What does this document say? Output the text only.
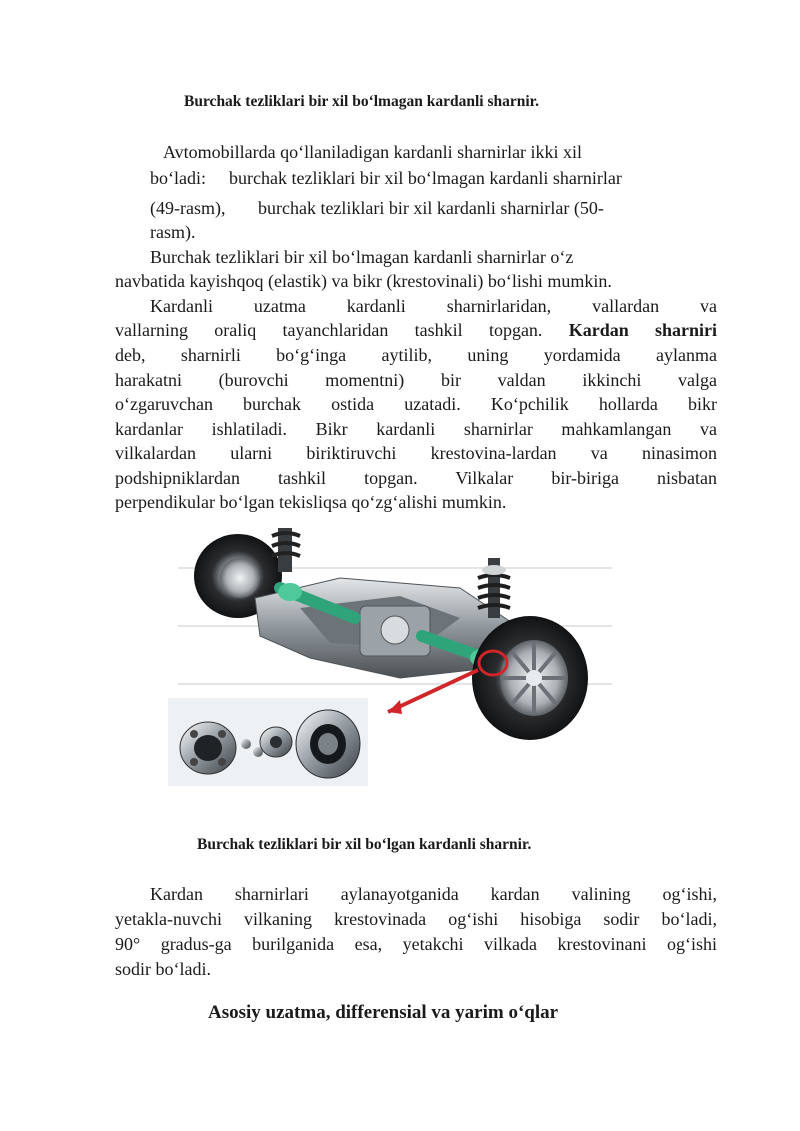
Burchak tezliklari bir xil bo‘lmagan kardanli sharnir.
Avtomobillarda qo‘llaniladigan kardanli sharnirlar ikki xil
bo‘ladi: burchak tezliklari bir xil bo‘lmagan kardanli sharnirlar
(49-rasm), burchak tezliklari bir xil kardanli sharnirlar (50-
rasm).
Burchak tezliklari bir xil bo‘lmagan kardanli sharnirlar o‘z
navbatida kayishqoq (elastik) va bikr (krestovinali) bo‘lishi mumkin.
Kardanli uzatma kardanli sharnirlaridan, vallardan va
vallarning oraliq tayanchlaridan tashkil topgan. Kardan sharniri
deb, sharnirli bo‘g‘inga aytilib, uning yordamida aylanma
harakatni (burovchi momentni) bir valdan ikkinchi valga
o‘zgaruvchan burchak ostida uzatadi. Ko‘pchilik hollarda bikr
kardanlar ishlatiladi. Bikr kardanli sharnirlar mahkamlangan va
vilkalardan ularni biriktiruvchi krestovina-lardan va ninasimon
podshipniklardan tashkil topgan. Vilkalar bir-biriga nisbatan
perpendikular bo‘lgan tekisliqsa qo‘zg‘alishi mumkin.
Burchak tezliklari bir xil bo‘lgan kardanli sharnir.
Kardan sharnirlari aylanayotganida kardan valining og‘ishi,
yetakla-nuvchi vilkaning krestovinada og‘ishi hisobiga sodir bo‘ladi,
90° gradus-ga burilganida esa, yetakchi vilkada krestovinani og‘ishi
sodir bo‘ladi.
Asosiy uzatma, differensial va yarim o‘qlar
